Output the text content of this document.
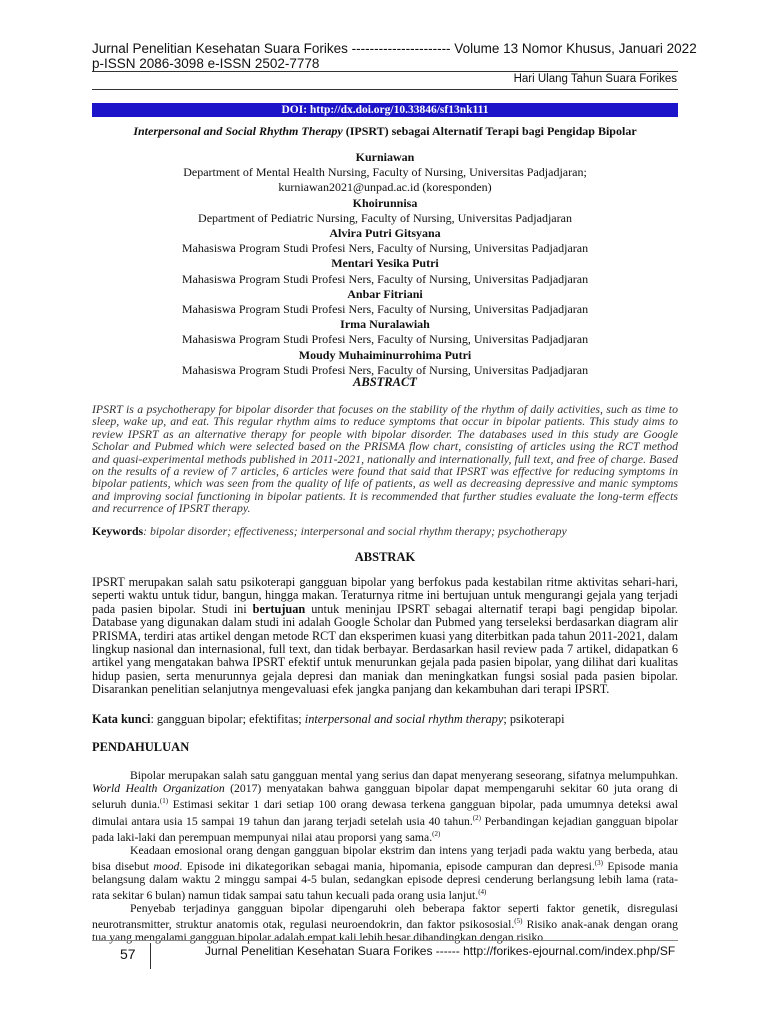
Jurnal Penelitian Kesehatan Suara Forikes ---------------------- Volume 13 Nomor Khusus, Januari 2022
p-ISSN 2086-3098 e-ISSN 2502-7778
Hari Ulang Tahun Suara Forikes
DOI: http://dx.doi.org/10.33846/sf13nk111
Interpersonal and Social Rhythm Therapy (IPSRT) sebagai Alternatif Terapi bagi Pengidap Bipolar
Kurniawan
Department of Mental Health Nursing, Faculty of Nursing, Universitas Padjadjaran;
kurniawan2021@unpad.ac.id (koresponden)
Khoirunnisa
Department of Pediatric Nursing, Faculty of Nursing, Universitas Padjadjaran
Alvira Putri Gitsyana
Mahasiswa Program Studi Profesi Ners, Faculty of Nursing, Universitas Padjadjaran
Mentari Yesika Putri
Mahasiswa Program Studi Profesi Ners, Faculty of Nursing, Universitas Padjadjaran
Anbar Fitriani
Mahasiswa Program Studi Profesi Ners, Faculty of Nursing, Universitas Padjadjaran
Irma Nuralawiah
Mahasiswa Program Studi Profesi Ners, Faculty of Nursing, Universitas Padjadjaran
Moudy Muhaiminurrohima Putri
Mahasiswa Program Studi Profesi Ners, Faculty of Nursing, Universitas Padjadjaran
ABSTRACT
IPSRT is a psychotherapy for bipolar disorder that focuses on the stability of the rhythm of daily activities, such as time to sleep, wake up, and eat. This regular rhythm aims to reduce symptoms that occur in bipolar patients. This study aims to review IPSRT as an alternative therapy for people with bipolar disorder. The databases used in this study are Google Scholar and Pubmed which were selected based on the PRISMA flow chart, consisting of articles using the RCT method and quasi-experimental methods published in 2011-2021, nationally and internationally, full text, and free of charge. Based on the results of a review of 7 articles, 6 articles were found that said that IPSRT was effective for reducing symptoms in bipolar patients, which was seen from the quality of life of patients, as well as decreasing depressive and manic symptoms and improving social functioning in bipolar patients. It is recommended that further studies evaluate the long-term effects and recurrence of IPSRT therapy.
Keywords: bipolar disorder; effectiveness; interpersonal and social rhythm therapy; psychotherapy
ABSTRAK
IPSRT merupakan salah satu psikoterapi gangguan bipolar yang berfokus pada kestabilan ritme aktivitas sehari-hari, seperti waktu untuk tidur, bangun, hingga makan. Teraturnya ritme ini bertujuan untuk mengurangi gejala yang terjadi pada pasien bipolar. Studi ini bertujuan untuk meninjau IPSRT sebagai alternatif terapi bagi pengidap bipolar. Database yang digunakan dalam studi ini adalah Google Scholar dan Pubmed yang terseleksi berdasarkan diagram alir PRISMA, terdiri atas artikel dengan metode RCT dan eksperimen kuasi yang diterbitkan pada tahun 2011-2021, dalam lingkup nasional dan internasional, full text, dan tidak berbayar. Berdasarkan hasil review pada 7 artikel, didapatkan 6 artikel yang mengatakan bahwa IPSRT efektif untuk menurunkan gejala pada pasien bipolar, yang dilihat dari kualitas hidup pasien, serta menurunnya gejala depresi dan maniak dan meningkatkan fungsi sosial pada pasien bipolar. Disarankan penelitian selanjutnya mengevaluasi efek jangka panjang dan kekambuhan dari terapi IPSRT.
Kata kunci: gangguan bipolar; efektifitas; interpersonal and social rhythm therapy; psikoterapi
PENDAHULUAN

Bipolar merupakan salah satu gangguan mental yang serius dan dapat menyerang seseorang, sifatnya melumpuhkan. World Health Organization (2017) menyatakan bahwa gangguan bipolar dapat mempengaruhi sekitar 60 juta orang di seluruh dunia.$^{(1)}$ Estimasi sekitar 1 dari setiap 100 orang dewasa terkena gangguan bipolar, pada umumnya deteksi awal dimulai antara usia 15 sampai 19 tahun dan jarang terjadi setelah usia 40 tahun.$^{(2)}$ Perbandingan kejadian gangguan bipolar pada laki-laki dan perempuan mempunyai nilai atau proporsi yang sama.$^{(2)}$

Keadaan emosional orang dengan gangguan bipolar ekstrim dan intens yang terjadi pada waktu yang berbeda, atau bisa disebut mood. Episode ini dikategorikan sebagai mania, hipomania, episode campuran dan depresi.$^{(3)}$ Episode mania belangsung dalam waktu 2 minggu sampai 4-5 bulan, sedangkan episode depresi cenderung berlangsung lebih lama (rata-rata sekitar 6 bulan) namun tidak sampai satu tahun kecuali pada orang usia lanjut.$^{(4)}$

Penyebab terjadinya gangguan bipolar dipengaruhi oleh beberapa faktor seperti faktor genetik, disregulasi neurotransmitter, struktur anatomis otak, regulasi neuroendokrin, dan faktor psikososial.$^{(5)}$ Risiko anak-anak dengan orang tua yang mengalami gangguan bipolar adalah empat kali lebih besar dibandingkan dengan risiko

57	Jurnal Penelitian Kesehatan Suara Forikes ------ http://forikes-ejournal.com/index.php/SF
